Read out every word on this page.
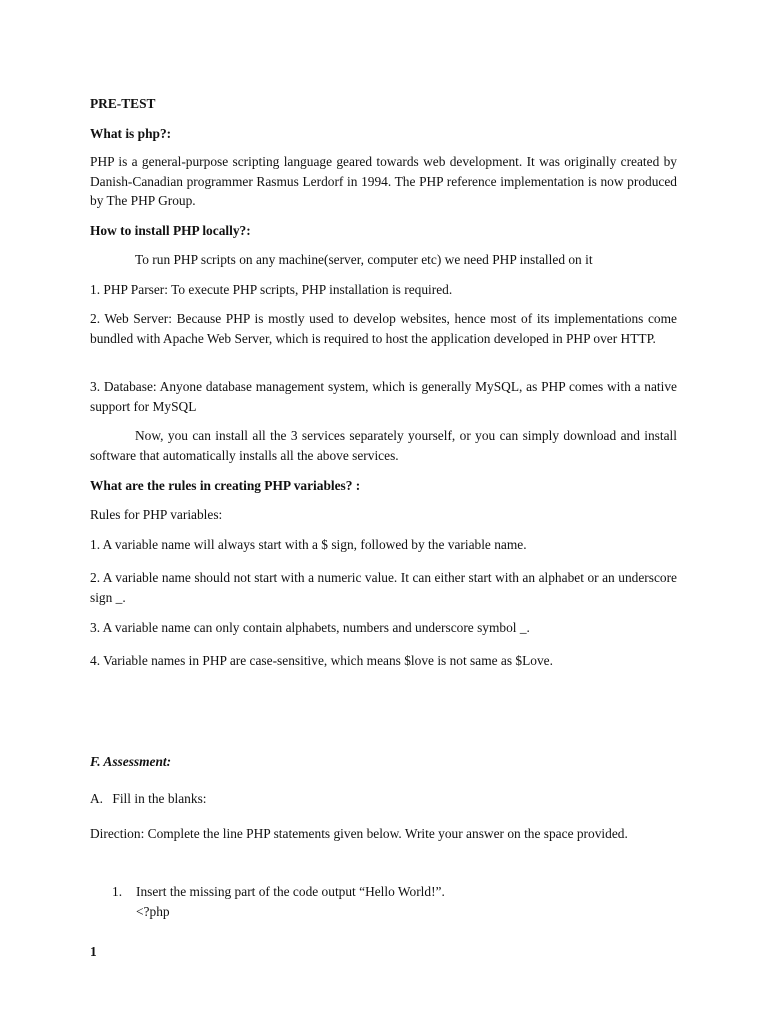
PRE-TEST
What is php?:

PHP is a general-purpose scripting language geared towards web development. It was originally created by Danish-Canadian programmer Rasmus Lerdorf in 1994. The PHP reference implementation is now produced by The PHP Group.

How to install PHP locally?:

To run PHP scripts on any machine(server, computer etc) we need PHP installed on it

1. PHP Parser: To execute PHP scripts, PHP installation is required.

2. Web Server: Because PHP is mostly used to develop websites, hence most of its implementations come bundled with Apache Web Server, which is required to host the application developed in PHP over HTTP.

3. Database: Anyone database management system, which is generally MySQL, as PHP comes with a native support for MySQL

Now, you can install all the 3 services separately yourself, or you can simply download and install software that automatically installs all the above services.

What are the rules in creating PHP variables? :

Rules for PHP variables:

1. A variable name will always start with a $ sign, followed by the variable name.

2. A variable name should not start with a numeric value. It can either start with an alphabet or an underscore sign _.

3. A variable name can only contain alphabets, numbers and underscore symbol _.

4. Variable names in PHP are case-sensitive, which means $love is not same as $Love.

F. Assessment:
A. Fill in the blanks:

Direction: Complete the line PHP statements given below. Write your answer on the space provided.

1. Insert the missing part of the code output “Hello World!”.
<?php
1
